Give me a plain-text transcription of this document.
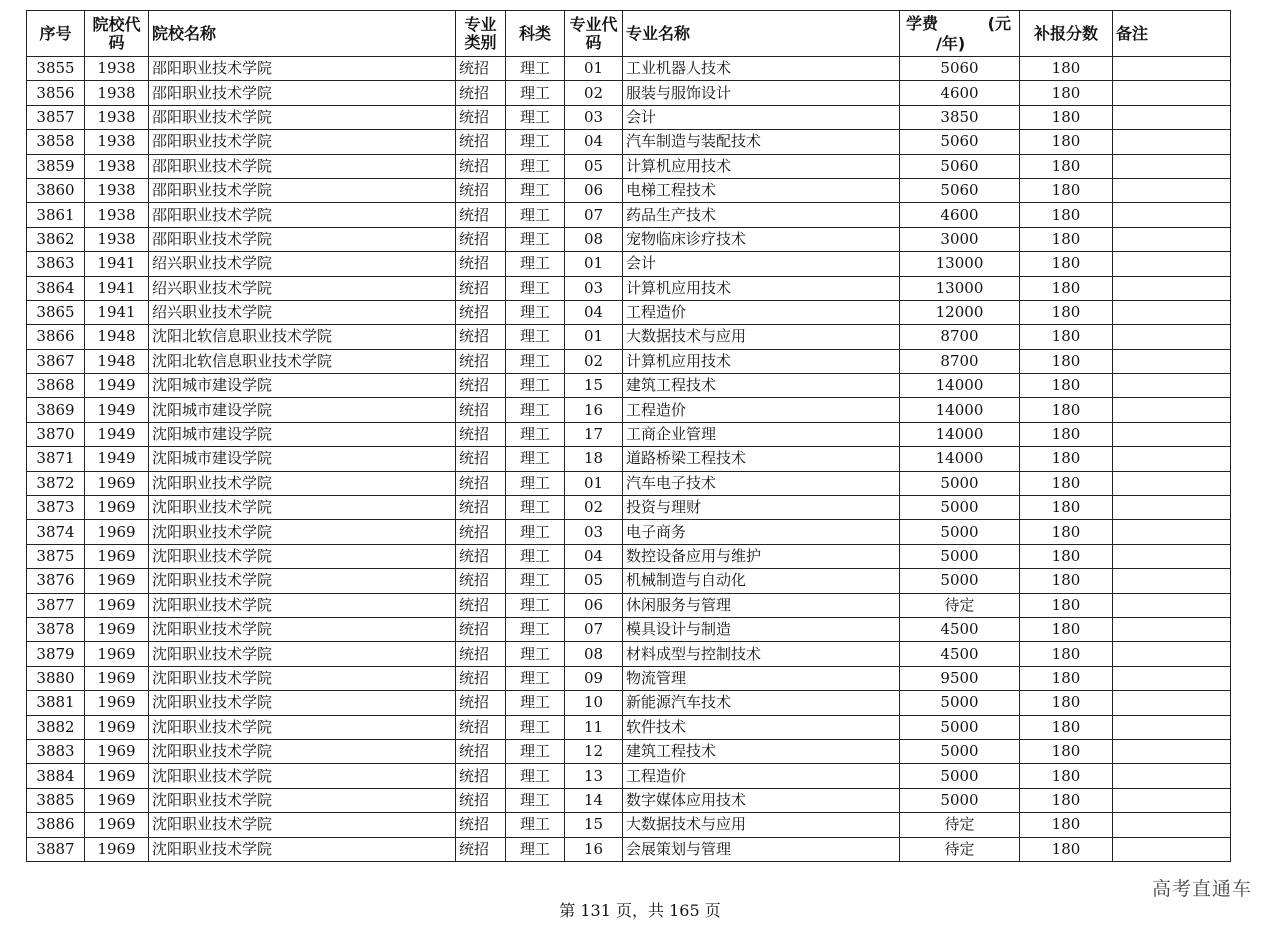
序号	院校代码	院校名称	专业类别	科类	专业代码	专业名称	学费 (元
/年)	补报分数	备注
3855	1938	邵阳职业技术学院	统招	理工	01	工业机器人技术	5060	180	
3856	1938	邵阳职业技术学院	统招	理工	02	服装与服饰设计	4600	180	
3857	1938	邵阳职业技术学院	统招	理工	03	会计	3850	180	
3858	1938	邵阳职业技术学院	统招	理工	04	汽车制造与装配技术	5060	180	
3859	1938	邵阳职业技术学院	统招	理工	05	计算机应用技术	5060	180	
3860	1938	邵阳职业技术学院	统招	理工	06	电梯工程技术	5060	180	
3861	1938	邵阳职业技术学院	统招	理工	07	药品生产技术	4600	180	
3862	1938	邵阳职业技术学院	统招	理工	08	宠物临床诊疗技术	3000	180	
3863	1941	绍兴职业技术学院	统招	理工	01	会计	13000	180	
3864	1941	绍兴职业技术学院	统招	理工	03	计算机应用技术	13000	180	
3865	1941	绍兴职业技术学院	统招	理工	04	工程造价	12000	180	
3866	1948	沈阳北软信息职业技术学院	统招	理工	01	大数据技术与应用	8700	180	
3867	1948	沈阳北软信息职业技术学院	统招	理工	02	计算机应用技术	8700	180	
3868	1949	沈阳城市建设学院	统招	理工	15	建筑工程技术	14000	180	
3869	1949	沈阳城市建设学院	统招	理工	16	工程造价	14000	180	
3870	1949	沈阳城市建设学院	统招	理工	17	工商企业管理	14000	180	
3871	1949	沈阳城市建设学院	统招	理工	18	道路桥梁工程技术	14000	180	
3872	1969	沈阳职业技术学院	统招	理工	01	汽车电子技术	5000	180	
3873	1969	沈阳职业技术学院	统招	理工	02	投资与理财	5000	180	
3874	1969	沈阳职业技术学院	统招	理工	03	电子商务	5000	180	
3875	1969	沈阳职业技术学院	统招	理工	04	数控设备应用与维护	5000	180	
3876	1969	沈阳职业技术学院	统招	理工	05	机械制造与自动化	5000	180	
3877	1969	沈阳职业技术学院	统招	理工	06	休闲服务与管理	待定	180	
3878	1969	沈阳职业技术学院	统招	理工	07	模具设计与制造	4500	180	
3879	1969	沈阳职业技术学院	统招	理工	08	材料成型与控制技术	4500	180	
3880	1969	沈阳职业技术学院	统招	理工	09	物流管理	9500	180	
3881	1969	沈阳职业技术学院	统招	理工	10	新能源汽车技术	5000	180	
3882	1969	沈阳职业技术学院	统招	理工	11	软件技术	5000	180	
3883	1969	沈阳职业技术学院	统招	理工	12	建筑工程技术	5000	180	
3884	1969	沈阳职业技术学院	统招	理工	13	工程造价	5000	180	
3885	1969	沈阳职业技术学院	统招	理工	14	数字媒体应用技术	5000	180	
3886	1969	沈阳职业技术学院	统招	理工	15	大数据技术与应用	待定	180	
3887	1969	沈阳职业技术学院	统招	理工	16	会展策划与管理	待定	180	
高考直通车
第 131 页，共 165 页
